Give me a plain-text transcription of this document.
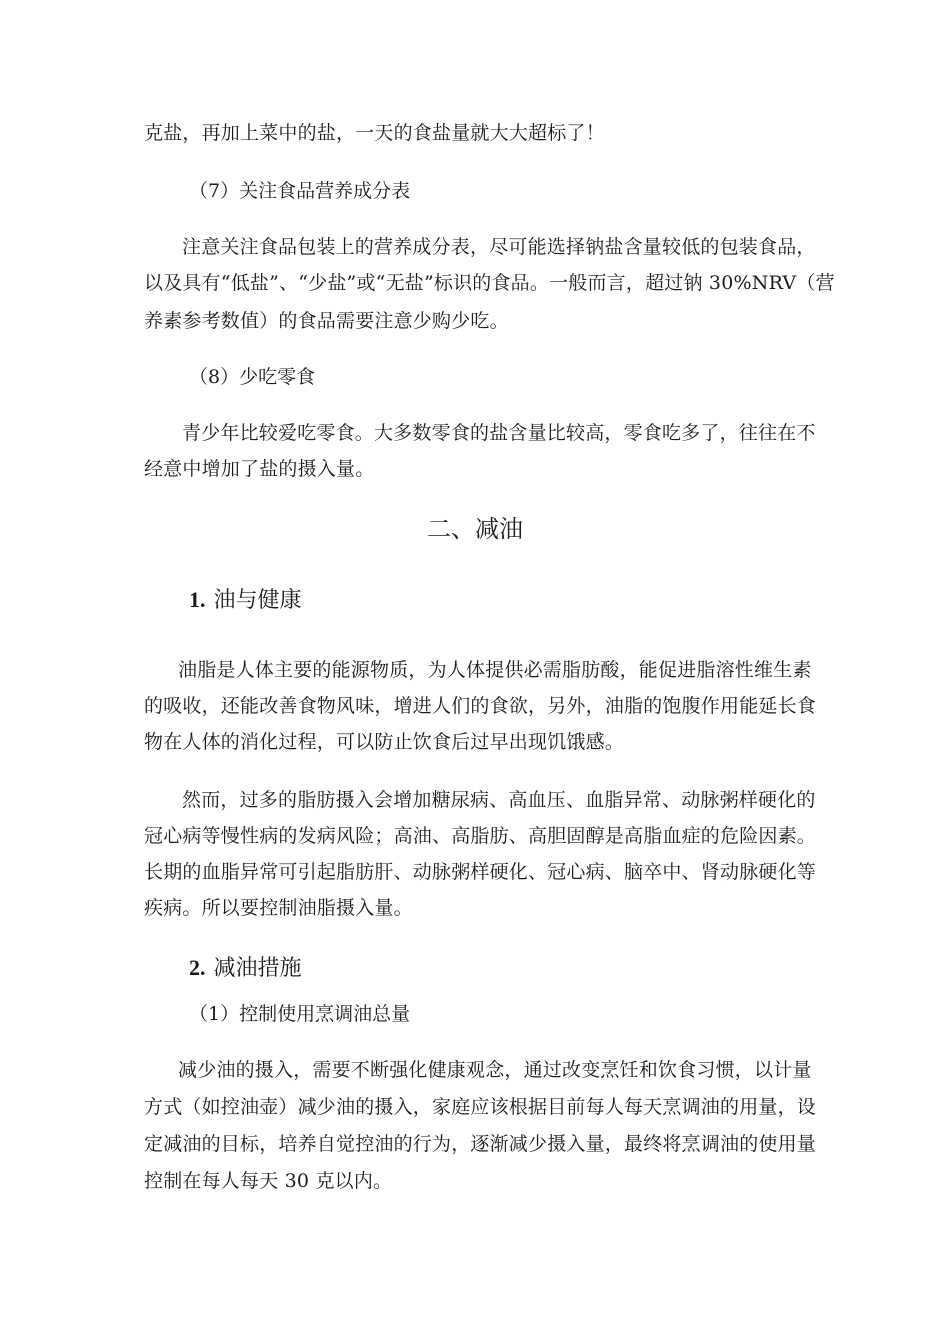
克盐，再加上菜中的盐，一天的食盐量就大大超标了！
（7）关注食品营养成分表
注意关注食品包装上的营养成分表，尽可能选择钠盐含量较低的包装食品，
以及具有“低盐”、“少盐”或“无盐”标识的食品。一般而言，超过钠 30%NRV（营
养素参考数值）的食品需要注意少购少吃。
（8）少吃零食
青少年比较爱吃零食。大多数零食的盐含量比较高，零食吃多了，往往在不
经意中增加了盐的摄入量。
二、减油
1. 油与健康
油脂是人体主要的能源物质，为人体提供必需脂肪酸，能促进脂溶性维生素
的吸收，还能改善食物风味，增进人们的食欲，另外，油脂的饱腹作用能延长食
物在人体的消化过程，可以防止饮食后过早出现饥饿感。
然而，过多的脂肪摄入会增加糖尿病、高血压、血脂异常、动脉粥样硬化的
冠心病等慢性病的发病风险；高油、高脂肪、高胆固醇是高脂血症的危险因素。
长期的血脂异常可引起脂肪肝、动脉粥样硬化、冠心病、脑卒中、肾动脉硬化等
疾病。所以要控制油脂摄入量。
2. 减油措施
（1）控制使用烹调油总量
减少油的摄入，需要不断强化健康观念，通过改变烹饪和饮食习惯，以计量
方式（如控油壶）减少油的摄入，家庭应该根据目前每人每天烹调油的用量，设
定减油的目标，培养自觉控油的行为，逐渐减少摄入量，最终将烹调油的使用量
控制在每人每天 30 克以内。
